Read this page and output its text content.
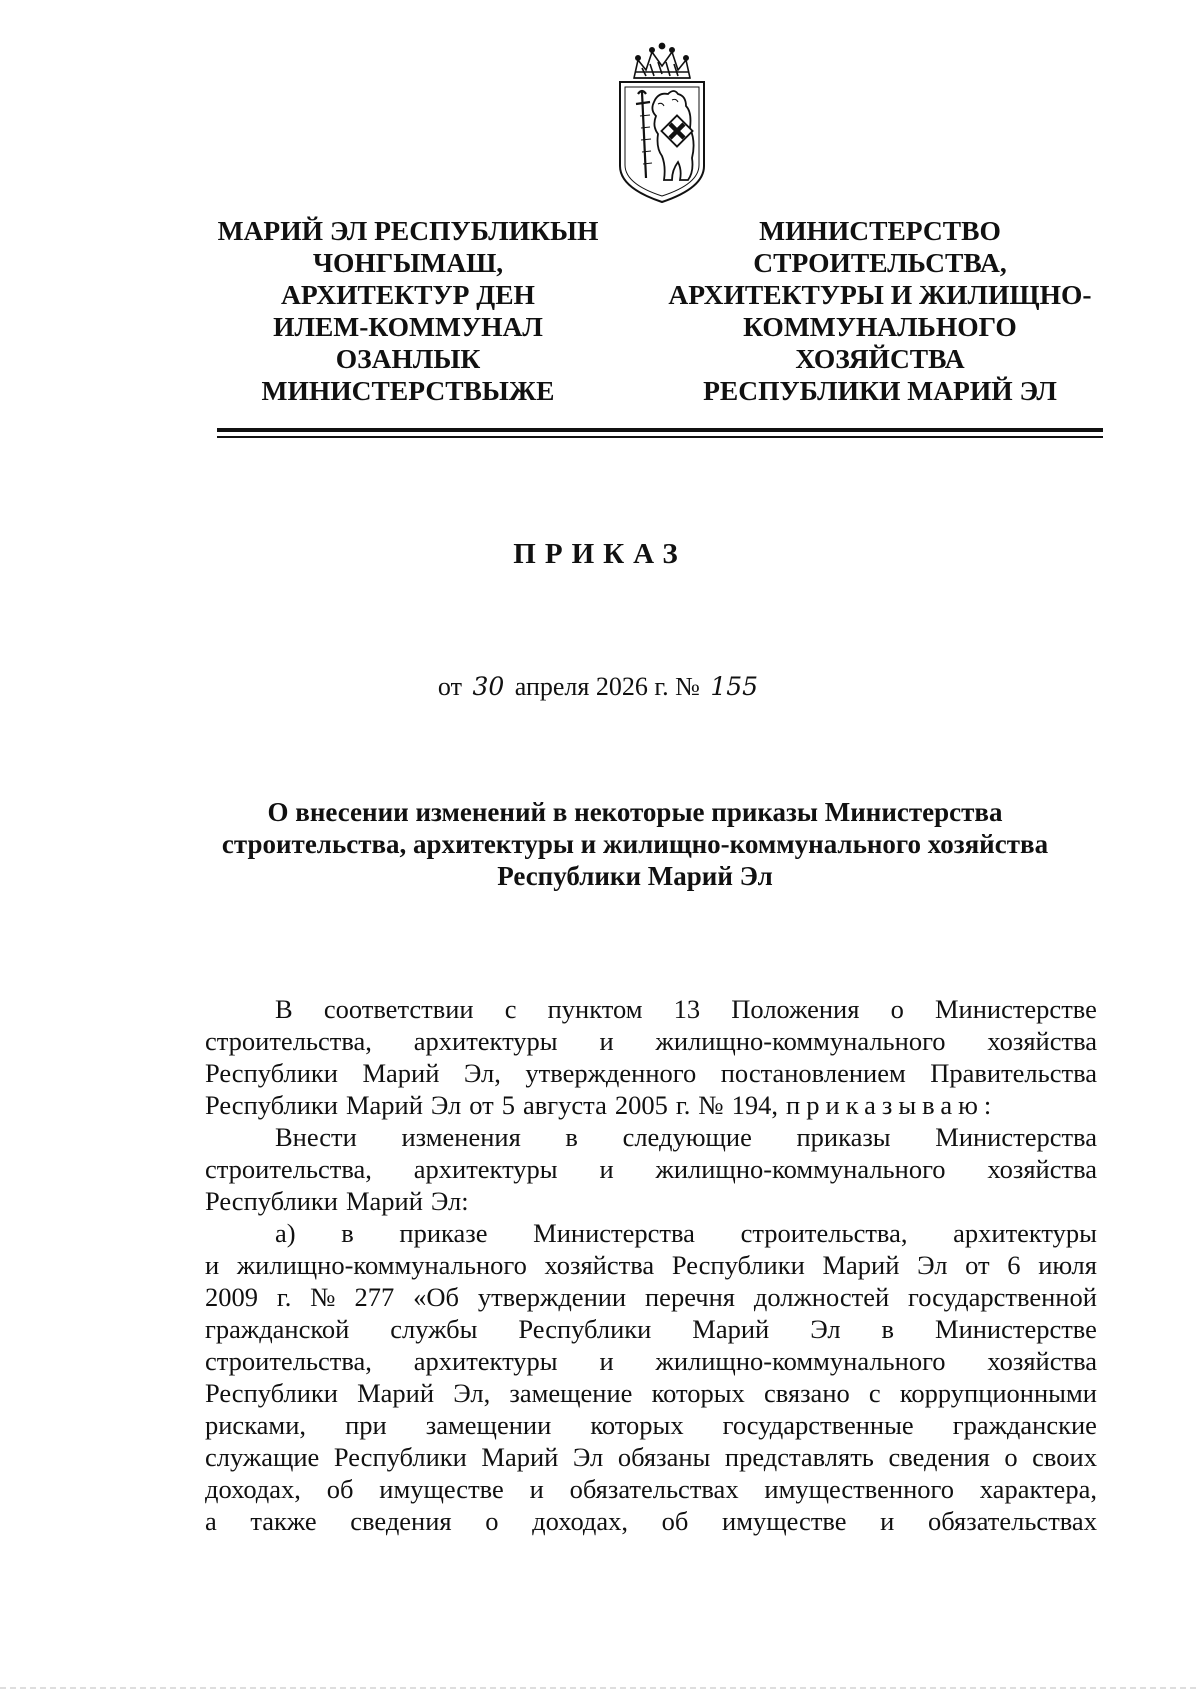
МАРИЙ ЭЛ РЕСПУБЛИКЫН
ЧОНГЫМАШ,
АРХИТЕКТУР ДЕН
ИЛЕМ-КОММУНАЛ
ОЗАНЛЫК
МИНИСТЕРСТВЫЖЕ
МИНИСТЕРСТВО
СТРОИТЕЛЬСТВА,
АРХИТЕКТУРЫ И ЖИЛИЩНО-
КОММУНАЛЬНОГО
ХОЗЯЙСТВА
РЕСПУБЛИКИ МАРИЙ ЭЛ
ПРИКАЗ
от 30 апреля 2026 г. № 155
О внесении изменений в некоторые приказы Министерства
строительства, архитектуры и жилищно-коммунального хозяйства
Республики Марий Эл
В соответствии с пунктом 13 Положения о Министерстве
строительства, архитектуры и жилищно-коммунального хозяйства
Республики Марий Эл, утвержденного постановлением Правительства
Республики Марий Эл от 5 августа 2005 г. № 194, приказываю:
Внести изменения в следующие приказы Министерства
строительства, архитектуры и жилищно-коммунального хозяйства
Республики Марий Эл:
а) в приказе Министерства строительства, архитектуры
и жилищно-коммунального хозяйства Республики Марий Эл от 6 июля
2009 г. № 277 «Об утверждении перечня должностей государственной
гражданской службы Республики Марий Эл в Министерстве
строительства, архитектуры и жилищно-коммунального хозяйства
Республики Марий Эл, замещение которых связано с коррупционными
рисками, при замещении которых государственные гражданские
служащие Республики Марий Эл обязаны представлять сведения о своих
доходах, об имуществе и обязательствах имущественного характера,
а также сведения о доходах, об имуществе и обязательствах
